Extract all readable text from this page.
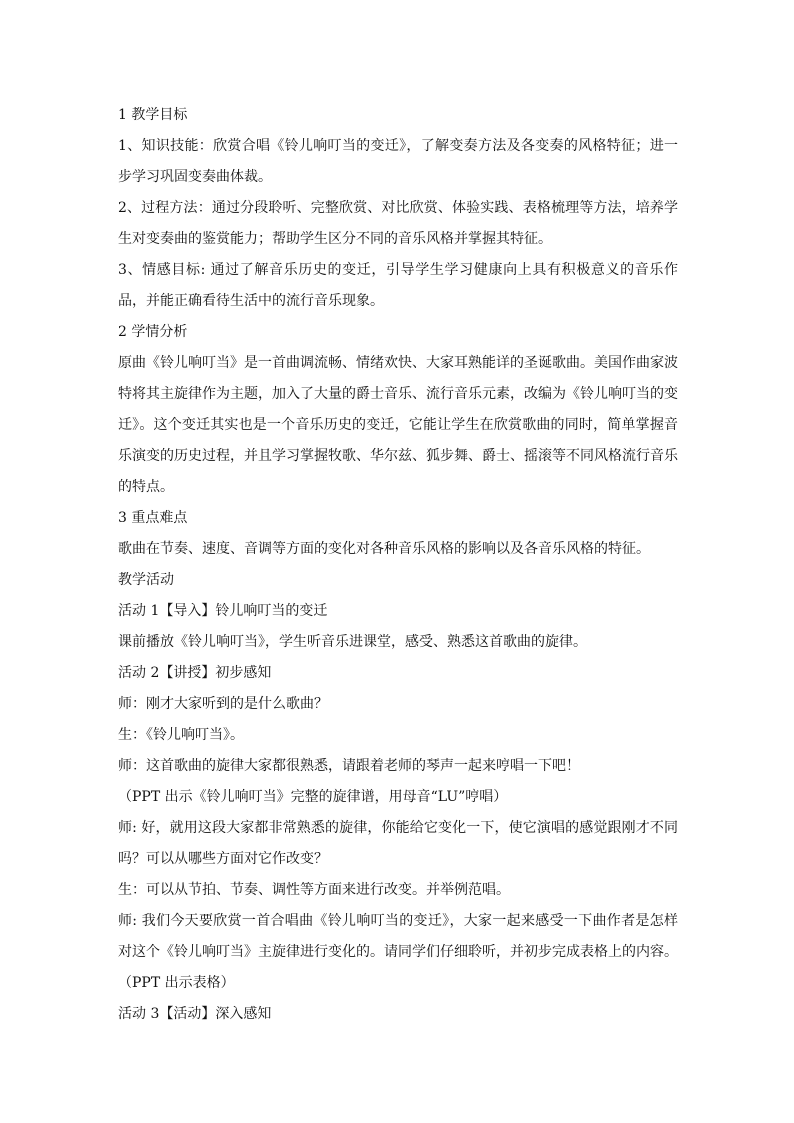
1 教学目标

1、知识技能：欣赏合唱《铃儿响叮当的变迁》，了解变奏方法及各变奏的风格特征；进一步学习巩固变奏曲体裁。

2、过程方法：通过分段聆听、完整欣赏、对比欣赏、体验实践、表格梳理等方法，培养学生对变奏曲的鉴赏能力；帮助学生区分不同的音乐风格并掌握其特征。

3、情感目标: 通过了解音乐历史的变迁，引导学生学习健康向上具有积极意义的音乐作品，并能正确看待生活中的流行音乐现象。

2 学情分析

原曲《铃儿响叮当》是一首曲调流畅、情绪欢快、大家耳熟能详的圣诞歌曲。美国作曲家波特将其主旋律作为主题，加入了大量的爵士音乐、流行音乐元素，改编为《铃儿响叮当的变迁》。这个变迁其实也是一个音乐历史的变迁，它能让学生在欣赏歌曲的同时，简单掌握音乐演变的历史过程，并且学习掌握牧歌、华尔兹、狐步舞、爵士、摇滚等不同风格流行音乐的特点。

3 重点难点

歌曲在节奏、速度、音调等方面的变化对各种音乐风格的影响以及各音乐风格的特征。

教学活动

活动 1【导入】铃儿响叮当的变迁

课前播放《铃儿响叮当》，学生听音乐进课堂，感受、熟悉这首歌曲的旋律。

活动 2【讲授】初步感知

师：刚才大家听到的是什么歌曲？

生：《铃儿响叮当》。

师：这首歌曲的旋律大家都很熟悉，请跟着老师的琴声一起来哼唱一下吧！

（PPT 出示《铃儿响叮当》完整的旋律谱，用母音“LU”哼唱）

师: 好，就用这段大家都非常熟悉的旋律，你能给它变化一下，使它演唱的感觉跟刚才不同吗？可以从哪些方面对它作改变？

生：可以从节拍、节奏、调性等方面来进行改变。并举例范唱。

师: 我们今天要欣赏一首合唱曲《铃儿响叮当的变迁》，大家一起来感受一下曲作者是怎样对这个《铃儿响叮当》主旋律进行变化的。请同学们仔细聆听，并初步完成表格上的内容。

（PPT 出示表格）

活动 3【活动】深入感知
